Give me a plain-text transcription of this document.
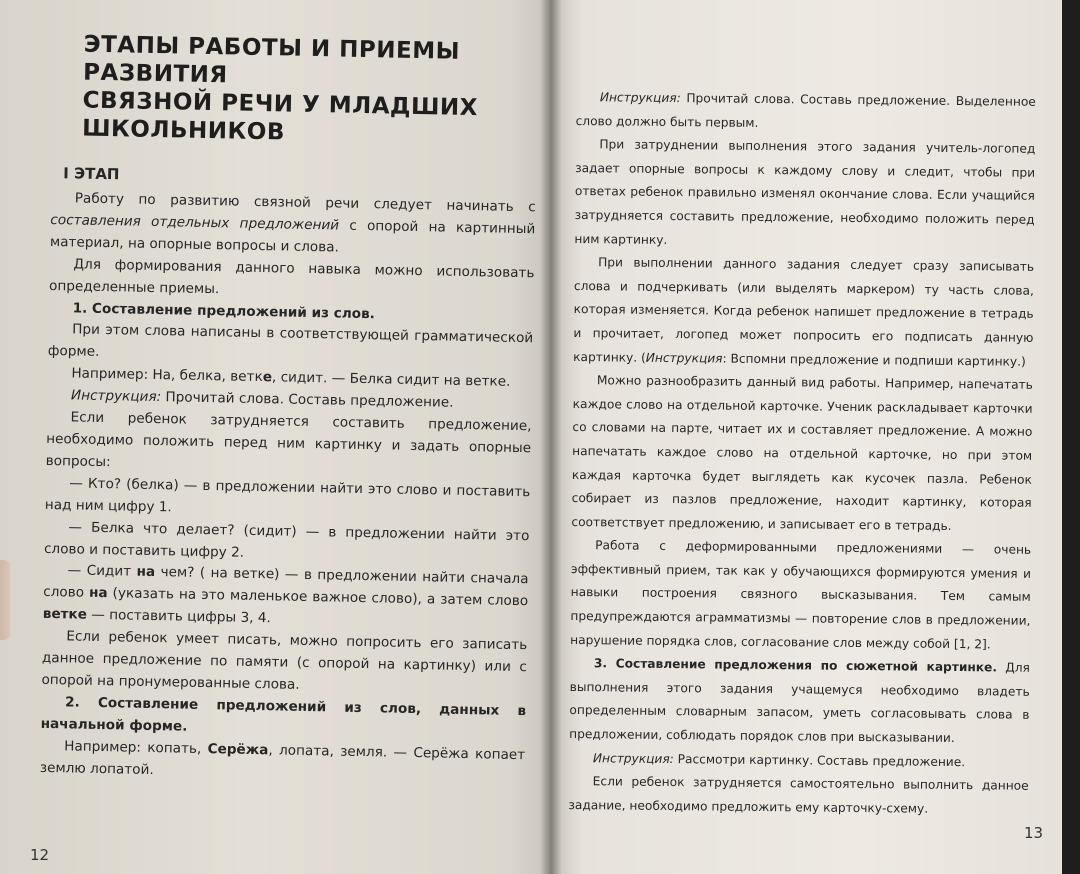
ЭТАПЫ РАБОТЫ И ПРИЕМЫ РАЗВИТИЯ
СВЯЗНОЙ РЕЧИ У МЛАДШИХ ШКОЛЬНИКОВ
I ЭТАП

Работу по развитию связной речи следует начинать с составления отдельных предложений с опорой на картинный материал, на опорные вопросы и слова.

Для формирования данного навыка можно использовать определенные приемы.

1. Составление предложений из слов.

При этом слова написаны в соответствующей грамматической форме.

Например: На, белка, ветке, сидит. — Белка сидит на ветке.

Инструкция: Прочитай слова. Составь предложение.

Если ребенок затрудняется составить предложение, необходимо положить перед ним картинку и задать опорные вопросы:

— Кто? (белка) — в предложении найти это слово и поставить над ним цифру 1.

— Белка что делает? (сидит) — в предложении найти это слово и поставить цифру 2.

— Сидит на чем? ( на ветке) — в предложении найти сначала слово на (указать на это маленькое важное слово), а затем слово ветке — поставить цифры 3, 4.

Если ребенок умеет писать, можно попросить его записать данное предложение по памяти (с опорой на картинку) или с опорой на пронумерованные слова.

2. Составление предложений из слов, данных в начальной форме.

Например: копать, Серёжа, лопата, земля. — Серёжа копает землю лопатой.

Инструкция: Прочитай слова. Составь предложение. Выделенное слово должно быть первым.

При затруднении выполнения этого задания учитель-логопед задает опорные вопросы к каждому слову и следит, чтобы при ответах ребенок правильно изменял окончание слова. Если учащийся затрудняется составить предложение, необходимо положить перед ним картинку.

При выполнении данного задания следует сразу записывать слова и подчеркивать (или выделять маркером) ту часть слова, которая изменяется. Когда ребенок напишет предложение в тетрадь и прочитает, логопед может попросить его подписать данную картинку. (Инструкция: Вспомни предложение и подпиши картинку.)

Можно разнообразить данный вид работы. Например, напечатать каждое слово на отдельной карточке. Ученик раскладывает карточки со словами на парте, читает их и составляет предложение. А можно напечатать каждое слово на отдельной карточке, но при этом каждая карточка будет выглядеть как кусочек пазла. Ребенок собирает из пазлов предложение, находит картинку, которая соответствует предложению, и записывает его в тетрадь.

Работа с деформированными предложениями — очень эффективный прием, так как у обучающихся формируются умения и навыки построения связного высказывания. Тем самым предупреждаются аграмматизмы — повторение слов в предложении, нарушение порядка слов, согласование слов между собой [1, 2].

3. Составление предложения по сюжетной картинке. Для выполнения этого задания учащемуся необходимо владеть определенным словарным запасом, уметь согласовывать слова в предложении, соблюдать порядок слов при высказывании.

Инструкция: Рассмотри картинку. Составь предложение.

Если ребенок затрудняется самостоятельно выполнить данное задание, необходимо предложить ему карточку-схему.

12
13
